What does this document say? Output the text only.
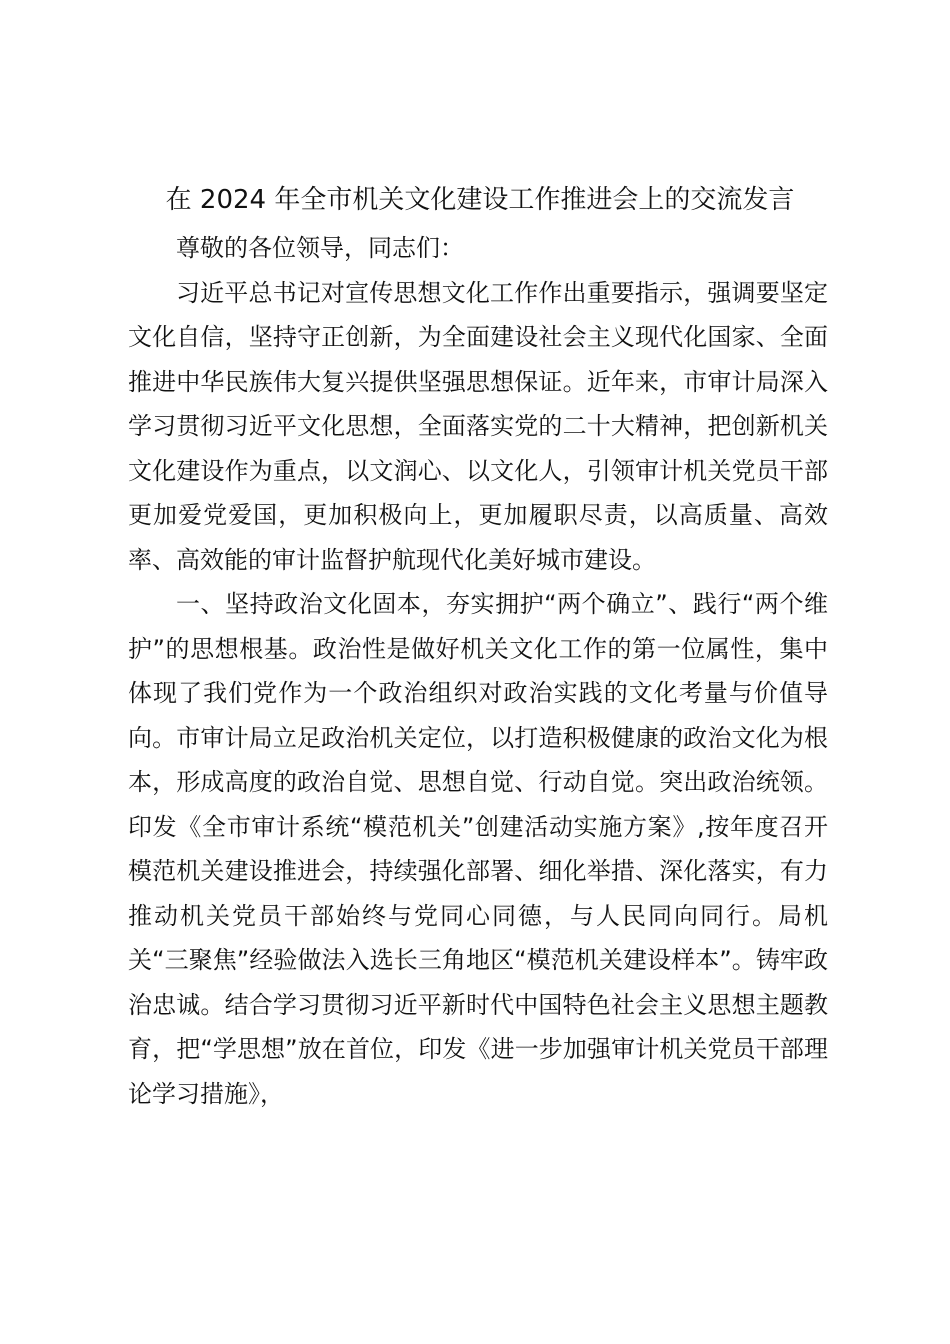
在 2024 年全市机关文化建设工作推进会上的交流发言

尊敬的各位领导，同志们：

习近平总书记对宣传思想文化工作作出重要指示，强调要坚定文化自信，坚持守正创新，为全面建设社会主义现代化国家、全面推进中华民族伟大复兴提供坚强思想保证。近年来，市审计局深入学习贯彻习近平文化思想，全面落实党的二十大精神，把创新机关文化建设作为重点，以文润心、以文化人，引领审计机关党员干部更加爱党爱国，更加积极向上，更加履职尽责，以高质量、高效率、高效能的审计监督护航现代化美好城市建设。

一、坚持政治文化固本，夯实拥护“两个确立”、践行“两个维护”的思想根基。政治性是做好机关文化工作的第一位属性，集中体现了我们党作为一个政治组织对政治实践的文化考量与价值导向。市审计局立足政治机关定位，以打造积极健康的政治文化为根本，形成高度的政治自觉、思想自觉、行动自觉。突出政治统领。印发《全市审计系统“模范机关”创建活动实施方案》,按年度召开模范机关建设推进会，持续强化部署、细化举措、深化落实，有力推动机关党员干部始终与党同心同德，与人民同向同行。局机关“三聚焦”经验做法入选长三角地区“模范机关建设样本”。铸牢政治忠诚。结合学习贯彻习近平新时代中国特色社会主义思想主题教育，把“学思想”放在首位，印发《进一步加强审计机关党员干部理论学习措施》，
